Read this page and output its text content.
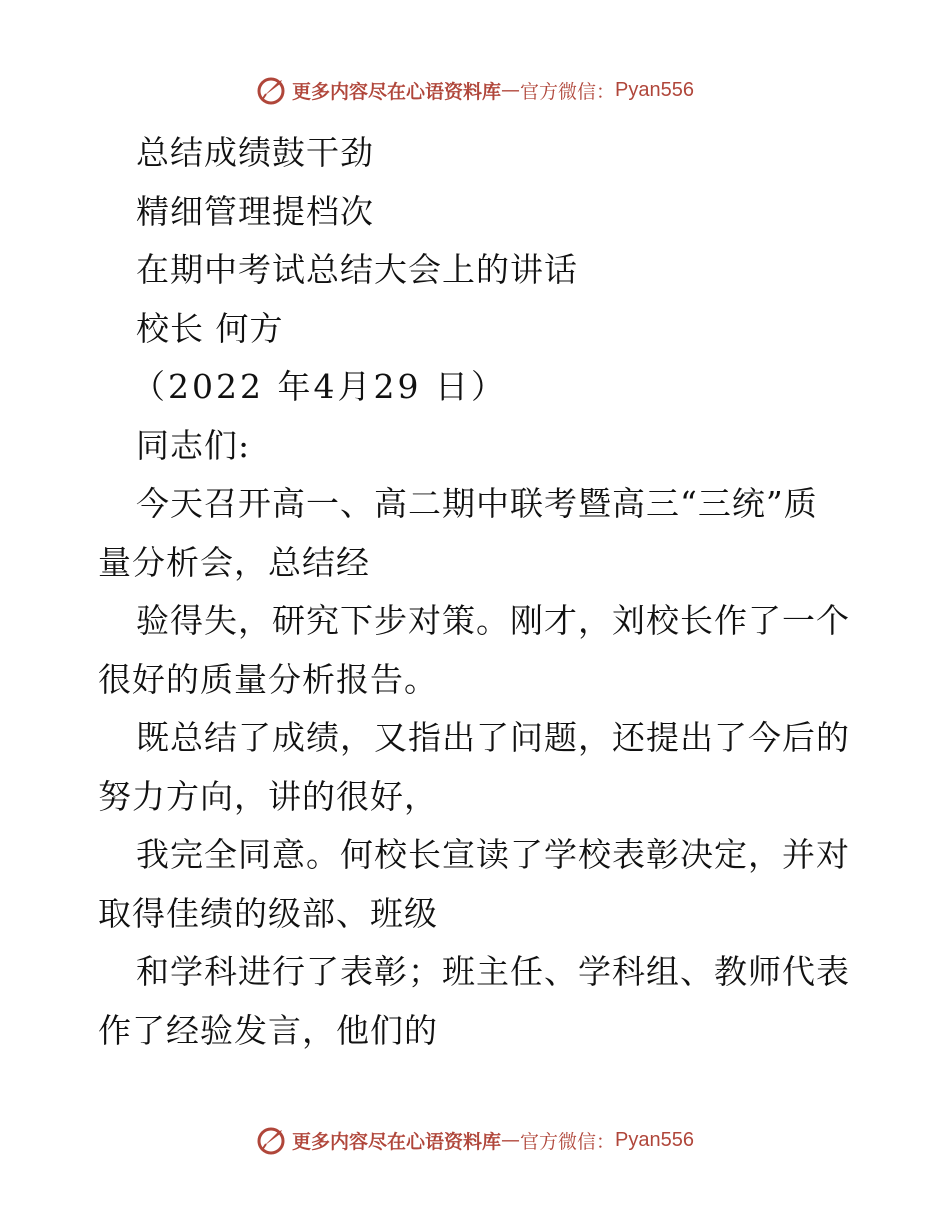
更多内容尽在心语资料库 — 官方微信： Pyan556
总结成绩鼓干劲
精细管理提档次
在期中考试总结大会上的讲话
校长 何方
（2022 年4月29 日）
同志们:
今天召开高一、高二期中联考暨高三“三统”质
量分析会，总结经
验得失，研究下步对策。刚才，刘校长作了一个
很好的质量分析报告。
既总结了成绩，又指出了问题，还提出了今后的
努力方向，讲的很好，
我完全同意。何校长宣读了学校表彰决定，并对
取得佳绩的级部、班级
和学科进行了表彰；班主任、学科组、教师代表
作了经验发言，他们的
更多内容尽在心语资料库 — 官方微信： Pyan556
